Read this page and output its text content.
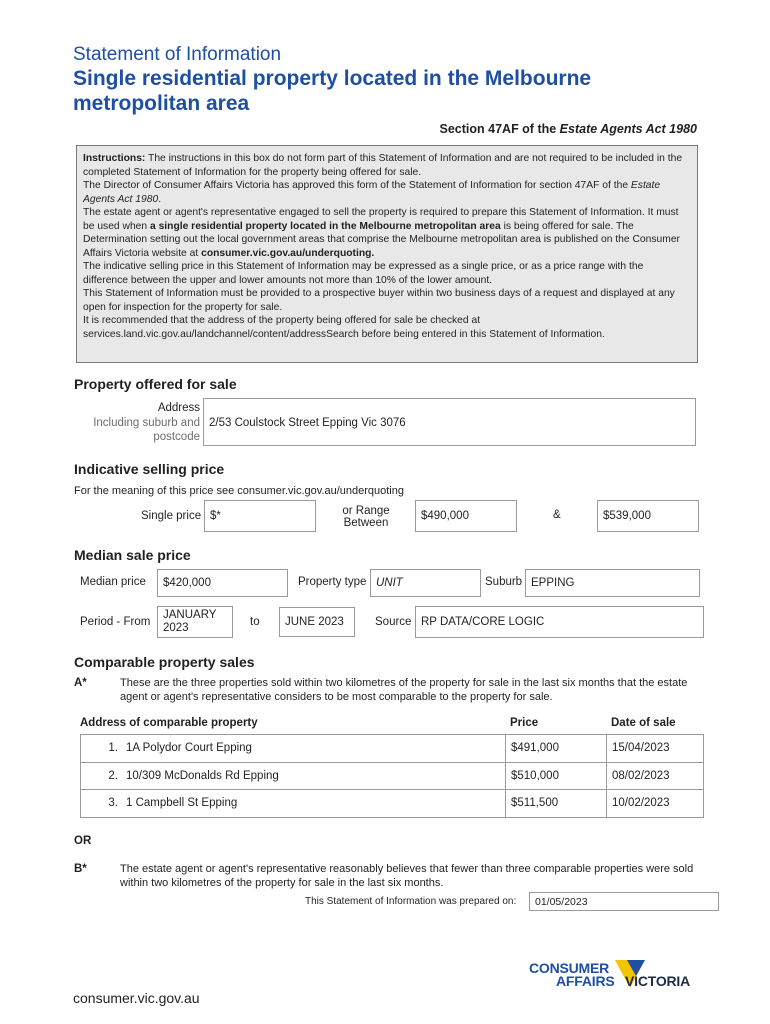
Statement of Information
Single residential property located in the Melbourne
metropolitan area
Section 47AF of the Estate Agents Act 1980

Instructions: The instructions in this box do not form part of this Statement of Information and are not required to be included in the completed Statement of Information for the property being offered for sale.

The Director of Consumer Affairs Victoria has approved this form of the Statement of Information for section 47AF of the Estate Agents Act 1980.

The estate agent or agent's representative engaged to sell the property is required to prepare this Statement of Information. It must be used when a single residential property located in the Melbourne metropolitan area is being offered for sale. The Determination setting out the local government areas that comprise the Melbourne metropolitan area is published on the Consumer Affairs Victoria website at consumer.vic.gov.au/underquoting.

The indicative selling price in this Statement of Information may be expressed as a single price, or as a price range with the difference between the upper and lower amounts not more than 10% of the lower amount.

This Statement of Information must be provided to a prospective buyer within two business days of a request and displayed at any open for inspection for the property for sale.

It is recommended that the address of the property being offered for sale be checked at services.land.vic.gov.au/landchannel/content/addressSearch before being entered in this Statement of Information.

Property offered for sale
Address
Including suburb and
postcode
2/53 Coulstock Street Epping Vic 3076
Indicative selling price
For the meaning of this price see consumer.vic.gov.au/underquoting
Single price $*	or Range
Between
$490,000	&	$539,000
Median sale price
Median price $420,000	Property type UNIT	Suburb EPPING
Period - From
JANUARY
2023	to JUNE 2023	Source RP DATA/CORE LOGIC
Comparable property sales
A*	These are the three properties sold within two kilometres of the property for sale in the last six months that the estate agent or agent's representative considers to be most comparable to the property for sale.
Address of comparable property	Price	Date of sale
1. 1A Polydor Court Epping	$491,000	15/04/2023
2. 10/309 McDonalds Rd Epping	$510,000	08/02/2023
3. 1 Campbell St Epping	$511,500	10/02/2023
OR
B*	The estate agent or agent's representative reasonably believes that fewer than three comparable properties were sold within two kilometres of the property for sale in the last six months.
This Statement of Information was prepared on: 01/05/2023
consumer.vic.gov.au
CONSUMER
AFFAIRS VICTORIA
